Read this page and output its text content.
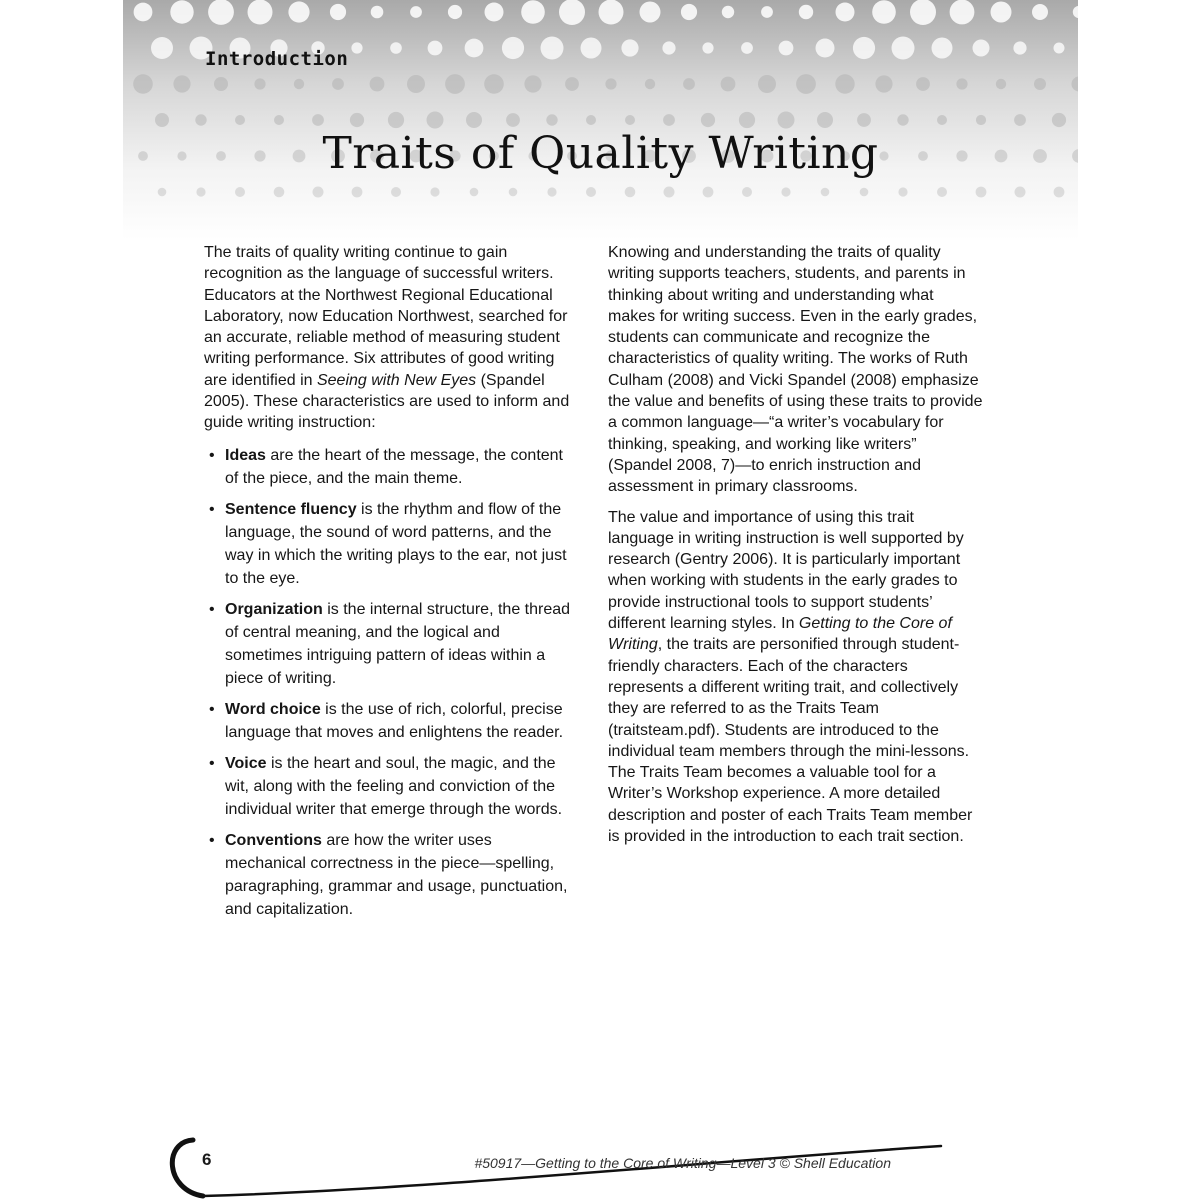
Introduction
Traits of Quality Writing

The traits of quality writing continue to gain recognition as the language of successful writers. Educators at the Northwest Regional Educational Laboratory, now Education Northwest, searched for an accurate, reliable method of measuring student writing performance. Six attributes of good writing are identified in Seeing with New Eyes (Spandel 2005). These characteristics are used to inform and guide writing instruction:

• Ideas are the heart of the message, the content of the piece, and the main theme.
• Sentence fluency is the rhythm and flow of the language, the sound of word patterns, and the way in which the writing plays to the ear, not just to the eye.
• Organization is the internal structure, the thread of central meaning, and the logical and sometimes intriguing pattern of ideas within a piece of writing.
• Word choice is the use of rich, colorful, precise language that moves and enlightens the reader.
• Voice is the heart and soul, the magic, and the wit, along with the feeling and conviction of the individual writer that emerge through the words.
• Conventions are how the writer uses mechanical correctness in the piece—spelling, paragraphing, grammar and usage, punctuation, and capitalization.

Knowing and understanding the traits of quality writing supports teachers, students, and parents in thinking about writing and understanding what makes for writing success. Even in the early grades, students can communicate and recognize the characteristics of quality writing. The works of Ruth Culham (2008) and Vicki Spandel (2008) emphasize the value and benefits of using these traits to provide a common language—“a writer’s vocabulary for thinking, speaking, and working like writers” (Spandel 2008, 7)—to enrich instruction and assessment in primary classrooms.

The value and importance of using this trait language in writing instruction is well supported by research (Gentry 2006). It is particularly important when working with students in the early grades to provide instructional tools to support students’ different learning styles. In Getting to the Core of Writing, the traits are personified through student-friendly characters. Each of the characters represents a different writing trait, and collectively they are referred to as the Traits Team (traitsteam.pdf). Students are introduced to the individual team members through the mini-lessons. The Traits Team becomes a valuable tool for a Writer’s Workshop experience. A more detailed description and poster of each Traits Team member is provided in the introduction to each trait section.

6	#50917—Getting to the Core of Writing—Level 3 © Shell Education
